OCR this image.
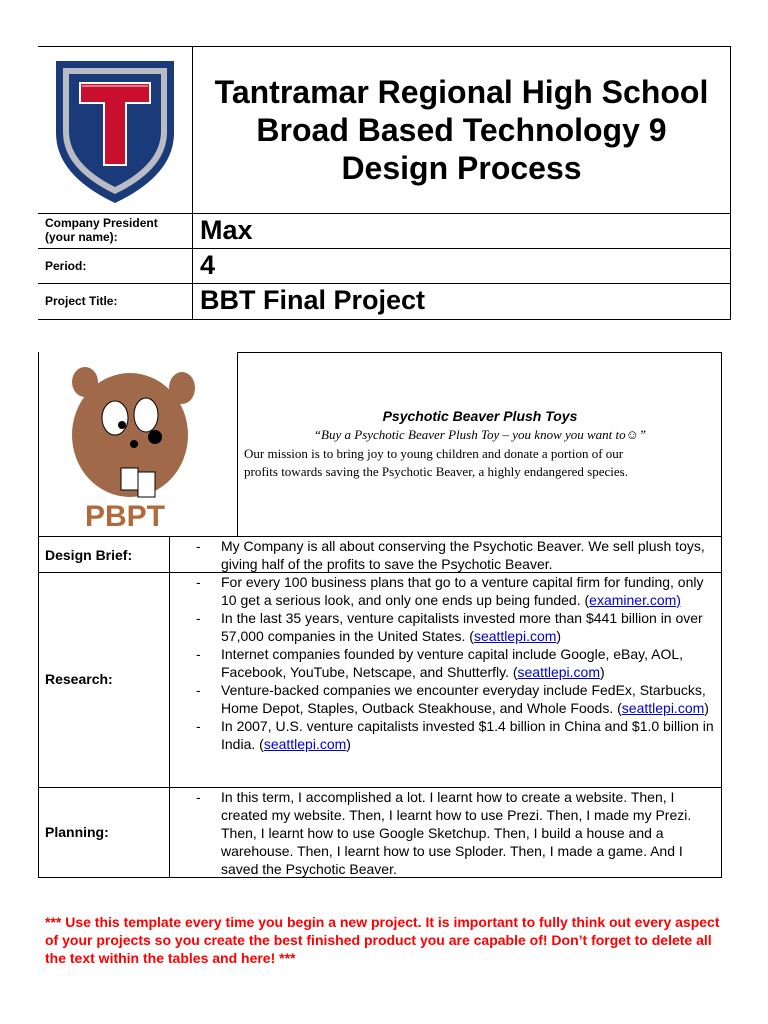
Tantramar Regional High School
Broad Based Technology 9
Design Process
Company President
(your name):	Max
Period:	4
Project Title:	BBT Final Project
PBPT
Psychotic Beaver Plush Toys
“Buy a Psychotic Beaver Plush Toy – you know you want to☺”
Our mission is to bring joy to young children and donate a portion of our
profits towards saving the Psychotic Beaver, a highly endangered species.
Design Brief:
- My Company is all about conserving the Psychotic Beaver. We sell plush toys, giving half of the profits to save the Psychotic Beaver.
Research:
- For every 100 business plans that go to a venture capital firm for funding, only 10 get a serious look, and only one ends up being funded. (examiner.com)
- In the last 35 years, venture capitalists invested more than $441 billion in over 57,000 companies in the United States. (seattlepi.com)
- Internet companies founded by venture capital include Google, eBay, AOL, Facebook, YouTube, Netscape, and Shutterfly. (seattlepi.com)
- Venture-backed companies we encounter everyday include FedEx, Starbucks, Home Depot, Staples, Outback Steakhouse, and Whole Foods. (seattlepi.com)
- In 2007, U.S. venture capitalists invested $1.4 billion in China and $1.0 billion in India. (seattlepi.com)
Planning:
- In this term, I accomplished a lot. I learnt how to create a website. Then, I created my website. Then, I learnt how to use Prezi. Then, I made my Prezi. Then, I learnt how to use Google Sketchup. Then, I build a house and a warehouse. Then, I learnt how to use Sploder. Then, I made a game. And I saved the Psychotic Beaver.
*** Use this template every time you begin a new project. It is important to fully think out every aspect of your projects so you create the best finished product you are capable of! Don’t forget to delete all the text within the tables and here! ***
